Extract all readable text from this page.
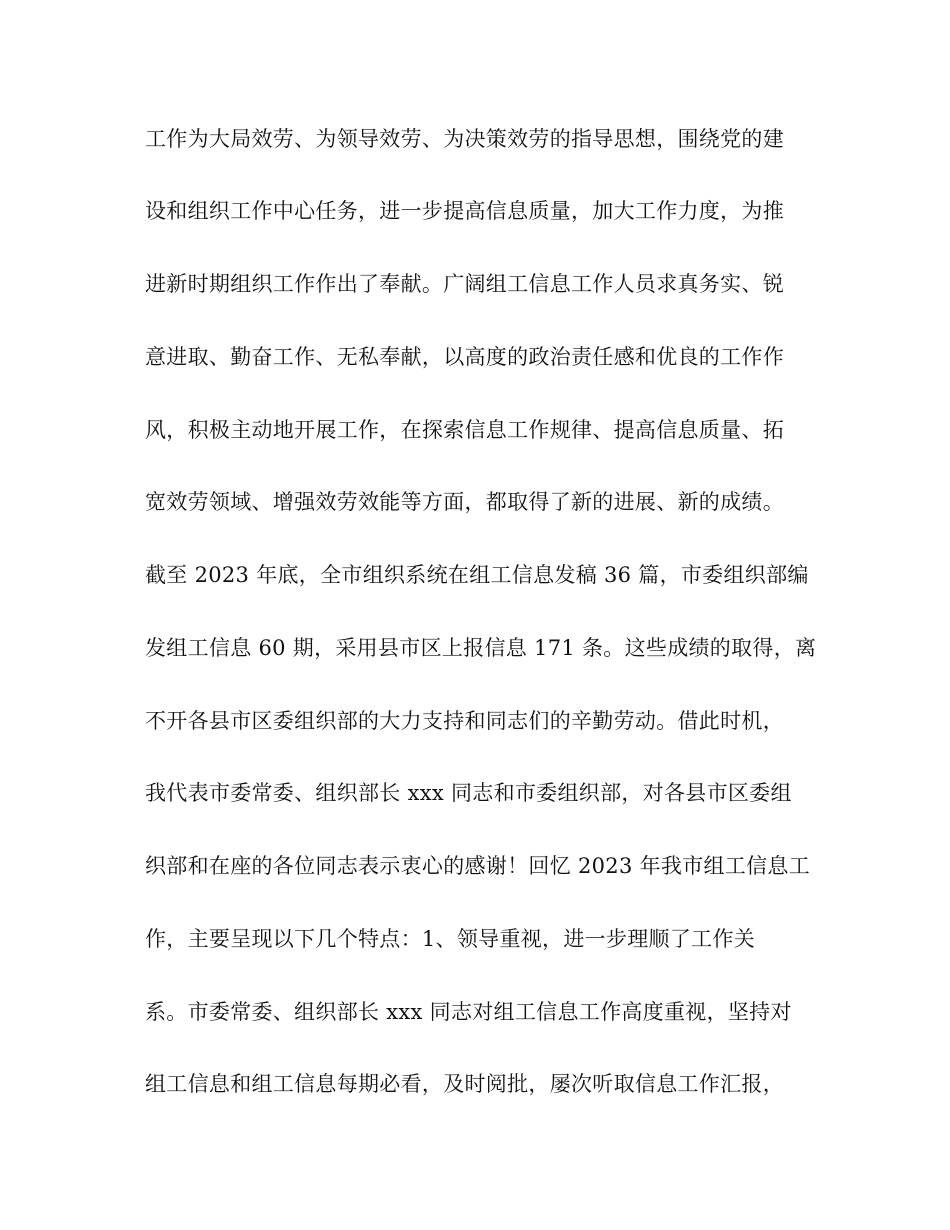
工作为大局效劳、为领导效劳、为决策效劳的指导思想，围绕党的建
设和组织工作中心任务，进一步提高信息质量，加大工作力度，为推
进新时期组织工作作出了奉献。广阔组工信息工作人员求真务实、锐
意进取、勤奋工作、无私奉献，以高度的政治责任感和优良的工作作
风，积极主动地开展工作，在探索信息工作规律、提高信息质量、拓
宽效劳领域、增强效劳效能等方面，都取得了新的进展、新的成绩。
截至 2023 年底，全市组织系统在组工信息发稿 36 篇，市委组织部编
发组工信息 60 期，采用县市区上报信息 171 条。这些成绩的取得，离
不开各县市区委组织部的大力支持和同志们的辛勤劳动。借此时机，
我代表市委常委、组织部长 xxx 同志和市委组织部，对各县市区委组
织部和在座的各位同志表示衷心的感谢！回忆 2023 年我市组工信息工
作，主要呈现以下几个特点：1、领导重视，进一步理顺了工作关
系。市委常委、组织部长 xxx 同志对组工信息工作高度重视，坚持对
组工信息和组工信息每期必看，及时阅批，屡次听取信息工作汇报，
